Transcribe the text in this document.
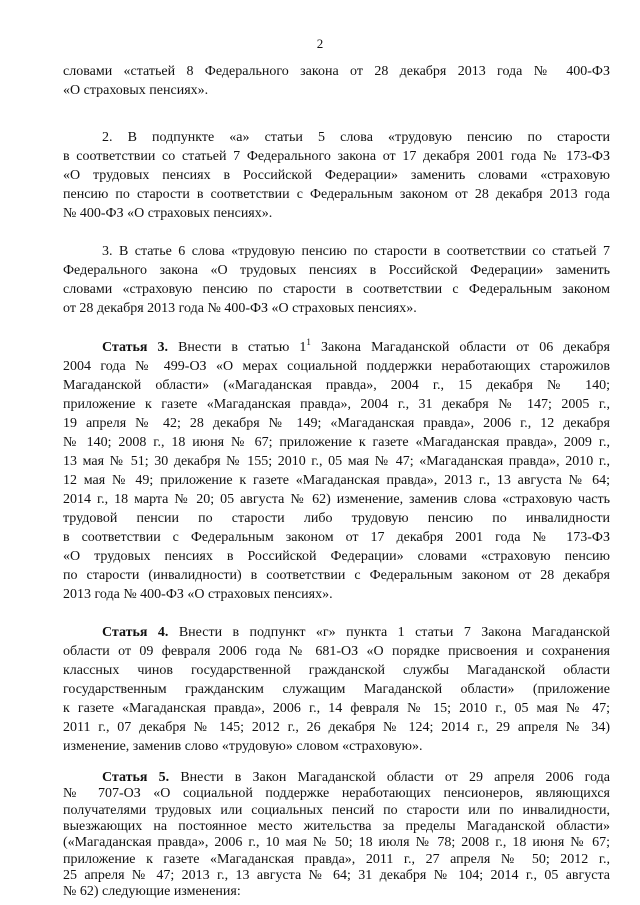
2
словами «статьей 8 Федерального закона от 28 декабря 2013 года № 400-ФЗ
«О страховых пенсиях».
2. В подпункте «а» статьи 5 слова «трудовую пенсию по старости
в соответствии со статьей 7 Федерального закона от 17 декабря 2001 года № 173-ФЗ
«О трудовых пенсиях в Российской Федерации» заменить словами «страховую
пенсию по старости в соответствии с Федеральным законом от 28 декабря 2013 года
№ 400-ФЗ «О страховых пенсиях».
3. В статье 6 слова «трудовую пенсию по старости в соответствии со статьей 7
Федерального закона «О трудовых пенсиях в Российской Федерации» заменить
словами «страховую пенсию по старости в соответствии с Федеральным законом
от 28 декабря 2013 года № 400-ФЗ «О страховых пенсиях».
Статья 3. Внести в статью $1^1$ Закона Магаданской области от 06 декабря
2004 года № 499-ОЗ «О мерах социальной поддержки неработающих старожилов
Магаданской области» («Магаданская правда», 2004 г., 15 декабря № 140;
приложение к газете «Магаданская правда», 2004 г., 31 декабря № 147; 2005 г.,
19 апреля № 42; 28 декабря № 149; «Магаданская правда», 2006 г., 12 декабря
№ 140; 2008 г., 18 июня № 67; приложение к газете «Магаданская правда», 2009 г.,
13 мая № 51; 30 декабря № 155; 2010 г., 05 мая № 47; «Магаданская правда», 2010 г.,
12 мая № 49; приложение к газете «Магаданская правда», 2013 г., 13 августа № 64;
2014 г., 18 марта № 20; 05 августа № 62) изменение, заменив слова «страховую часть
трудовой пенсии по старости либо трудовую пенсию по инвалидности
в соответствии с Федеральным законом от 17 декабря 2001 года № 173-ФЗ
«О трудовых пенсиях в Российской Федерации» словами «страховую пенсию
по старости (инвалидности) в соответствии с Федеральным законом от 28 декабря
2013 года № 400-ФЗ «О страховых пенсиях».
Статья 4. Внести в подпункт «г» пункта 1 статьи 7 Закона Магаданской
области от 09 февраля 2006 года № 681-ОЗ «О порядке присвоения и сохранения
классных чинов государственной гражданской службы Магаданской области
государственным гражданским служащим Магаданской области» (приложение
к газете «Магаданская правда», 2006 г., 14 февраля № 15; 2010 г., 05 мая № 47;
2011 г., 07 декабря № 145; 2012 г., 26 декабря № 124; 2014 г., 29 апреля № 34)
изменение, заменив слово «трудовую» словом «страховую».
Статья 5. Внести в Закон Магаданской области от 29 апреля 2006 года
№ 707-ОЗ «О социальной поддержке неработающих пенсионеров, являющихся
получателями трудовых или социальных пенсий по старости или по инвалидности,
выезжающих на постоянное место жительства за пределы Магаданской области»
(«Магаданская правда», 2006 г., 10 мая № 50; 18 июля № 78; 2008 г., 18 июня № 67;
приложение к газете «Магаданская правда», 2011 г., 27 апреля № 50; 2012 г.,
25 апреля № 47; 2013 г., 13 августа № 64; 31 декабря № 104; 2014 г., 05 августа
№ 62) следующие изменения:
